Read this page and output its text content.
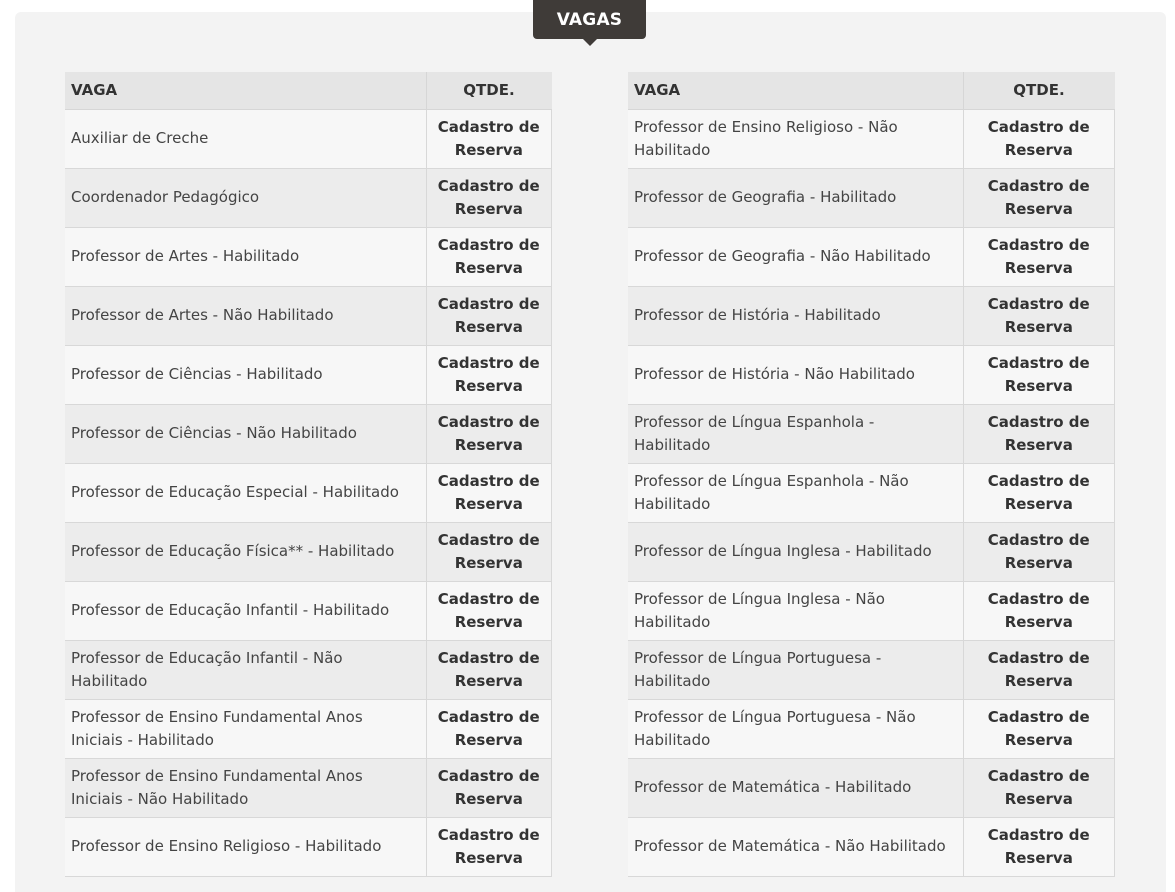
VAGAS
VAGA	QTDE.
Auxiliar de Creche	Cadastro de Reserva
Coordenador Pedagógico	Cadastro de Reserva
Professor de Artes - Habilitado	Cadastro de Reserva
Professor de Artes - Não Habilitado	Cadastro de Reserva
Professor de Ciências - Habilitado	Cadastro de Reserva
Professor de Ciências - Não Habilitado	Cadastro de Reserva
Professor de Educação Especial - Habilitado	Cadastro de Reserva
Professor de Educação Física** - Habilitado	Cadastro de Reserva
Professor de Educação Infantil - Habilitado	Cadastro de Reserva
Professor de Educação Infantil - Não Habilitado	Cadastro de Reserva
Professor de Ensino Fundamental Anos Iniciais - Habilitado	Cadastro de Reserva
Professor de Ensino Fundamental Anos Iniciais - Não Habilitado	Cadastro de Reserva
Professor de Ensino Religioso - Habilitado	Cadastro de Reserva
VAGA	QTDE.
Professor de Ensino Religioso - Não Habilitado	Cadastro de Reserva
Professor de Geografia - Habilitado	Cadastro de Reserva
Professor de Geografia - Não Habilitado	Cadastro de Reserva
Professor de História - Habilitado	Cadastro de Reserva
Professor de História - Não Habilitado	Cadastro de Reserva
Professor de Língua Espanhola - Habilitado	Cadastro de Reserva
Professor de Língua Espanhola - Não Habilitado	Cadastro de Reserva
Professor de Língua Inglesa - Habilitado	Cadastro de Reserva
Professor de Língua Inglesa - Não Habilitado	Cadastro de Reserva
Professor de Língua Portuguesa - Habilitado	Cadastro de Reserva
Professor de Língua Portuguesa - Não Habilitado	Cadastro de Reserva
Professor de Matemática - Habilitado	Cadastro de Reserva
Professor de Matemática - Não Habilitado	Cadastro de Reserva
